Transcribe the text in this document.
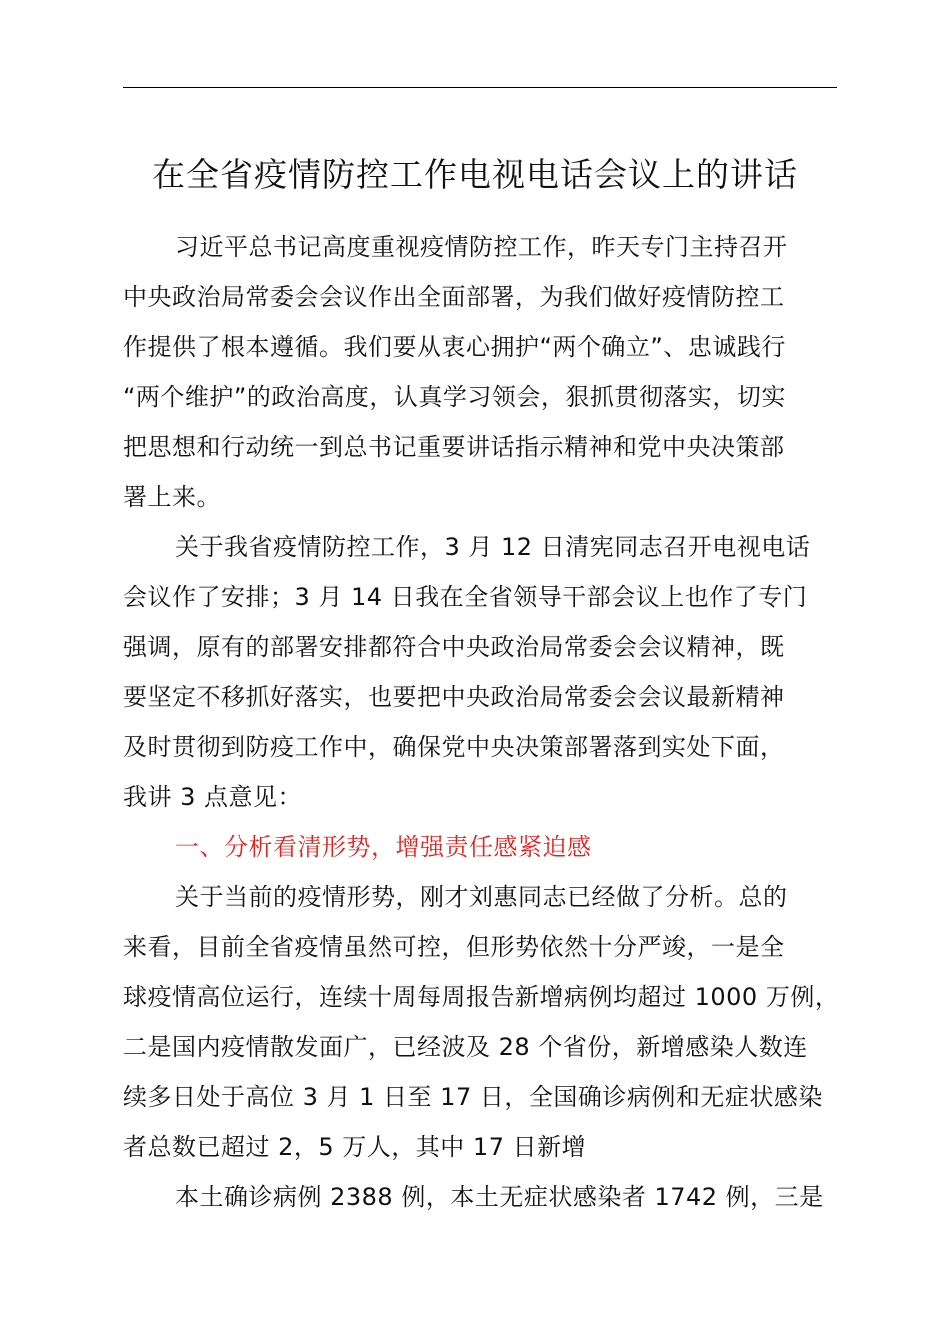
在全省疫情防控工作电视电话会议上的讲话
习近平总书记高度重视疫情防控工作，昨天专门主持召开
中央政治局常委会会议作出全面部署，为我们做好疫情防控工
作提供了根本遵循。我们要从衷心拥护“两个确立”、忠诚践行
“两个维护”的政治高度，认真学习领会，狠抓贯彻落实，切实
把思想和行动统一到总书记重要讲话指示精神和党中央决策部
署上来。
关于我省疫情防控工作，3 月 12 日清宪同志召开电视电话
会议作了安排；3 月 14 日我在全省领导干部会议上也作了专门
强调，原有的部署安排都符合中央政治局常委会会议精神，既
要坚定不移抓好落实，也要把中央政治局常委会会议最新精神
及时贯彻到防疫工作中，确保党中央决策部署落到实处下面，
我讲 3 点意见：
一、分析看清形势，增强责任感紧迫感
关于当前的疫情形势，刚才刘惠同志已经做了分析。总的
来看，目前全省疫情虽然可控，但形势依然十分严竣，一是全
球疫情高位运行，连续十周每周报告新增病例均超过 1000 万例，
二是国内疫情散发面广，已经波及 28 个省份，新增感染人数连
续多日处于高位 3 月 1 日至 17 日，全国确诊病例和无症状感染
者总数已超过 2，5 万人，其中 17 日新增
本土确诊病例 2388 例，本土无症状感染者 1742 例，三是
